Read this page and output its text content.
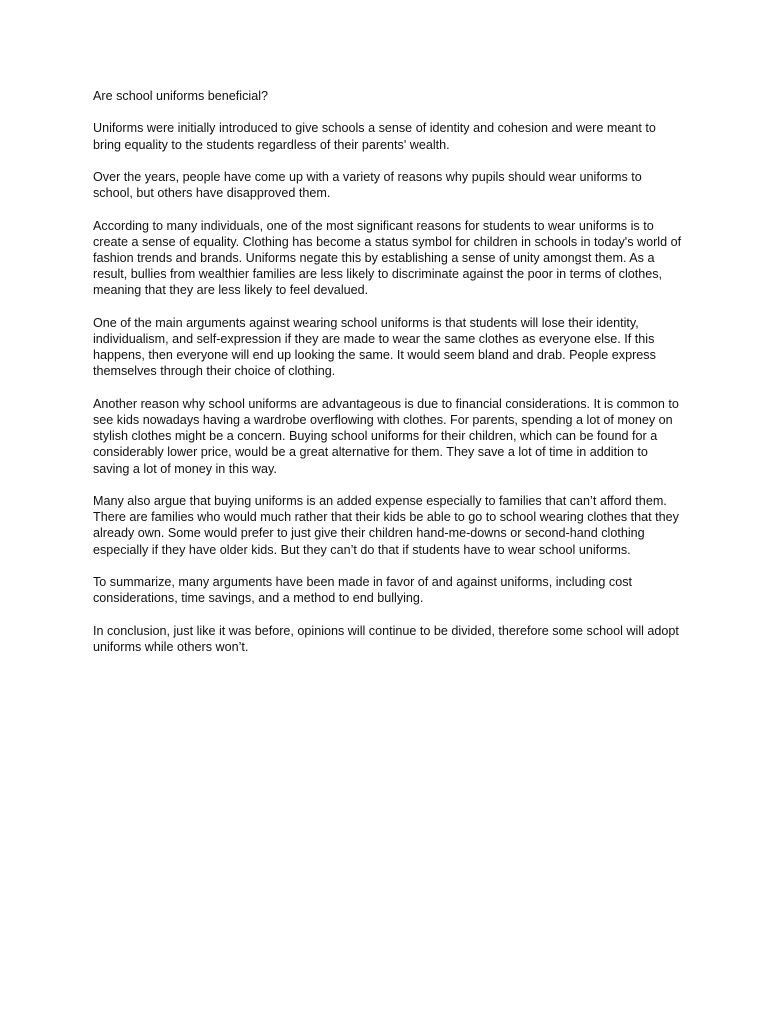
Are school uniforms beneficial?

Uniforms were initially introduced to give schools a sense of identity and cohesion and were meant to bring equality to the students regardless of their parents' wealth.

Over the years, people have come up with a variety of reasons why pupils should wear uniforms to school, but others have disapproved them.

According to many individuals, one of the most significant reasons for students to wear uniforms is to create a sense of equality. Clothing has become a status symbol for children in schools in today's world of fashion trends and brands. Uniforms negate this by establishing a sense of unity amongst them. As a result, bullies from wealthier families are less likely to discriminate against the poor in terms of clothes, meaning that they are less likely to feel devalued.

One of the main arguments against wearing school uniforms is that students will lose their identity, individualism, and self-expression if they are made to wear the same clothes as everyone else. If this happens, then everyone will end up looking the same. It would seem bland and drab. People express themselves through their choice of clothing.

Another reason why school uniforms are advantageous is due to financial considerations. It is common to see kids nowadays having a wardrobe overflowing with clothes. For parents, spending a lot of money on stylish clothes might be a concern. Buying school uniforms for their children, which can be found for a considerably lower price, would be a great alternative for them. They save a lot of time in addition to saving a lot of money in this way.

Many also argue that buying uniforms is an added expense especially to families that can’t afford them. There are families who would much rather that their kids be able to go to school wearing clothes that they already own. Some would prefer to just give their children hand-me-downs or second-hand clothing especially if they have older kids. But they can’t do that if students have to wear school uniforms.

To summarize, many arguments have been made in favor of and against uniforms, including cost considerations, time savings, and a method to end bullying.

In conclusion, just like it was before, opinions will continue to be divided, therefore some school will adopt uniforms while others won’t.
